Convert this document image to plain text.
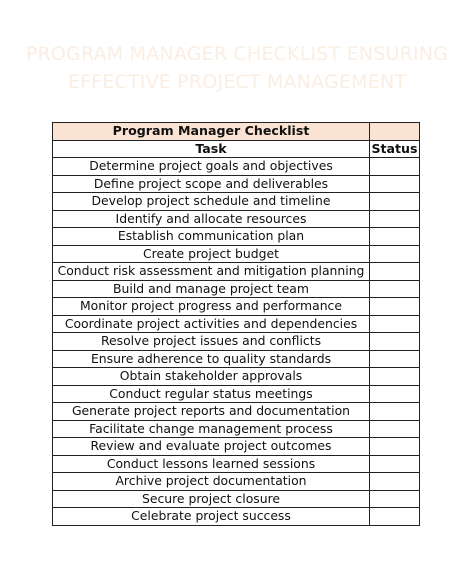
PROGRAM MANAGER CHECKLIST ENSURING
EFFECTIVE PROJECT MANAGEMENT
Program Manager Checklist	
Task	Status
Determine project goals and objectives	
Define project scope and deliverables	
Develop project schedule and timeline	
Identify and allocate resources	
Establish communication plan	
Create project budget	
Conduct risk assessment and mitigation planning	
Build and manage project team	
Monitor project progress and performance	
Coordinate project activities and dependencies	
Resolve project issues and conflicts	
Ensure adherence to quality standards	
Obtain stakeholder approvals	
Conduct regular status meetings	
Generate project reports and documentation	
Facilitate change management process	
Review and evaluate project outcomes	
Conduct lessons learned sessions	
Archive project documentation	
Secure project closure	
Celebrate project success	
